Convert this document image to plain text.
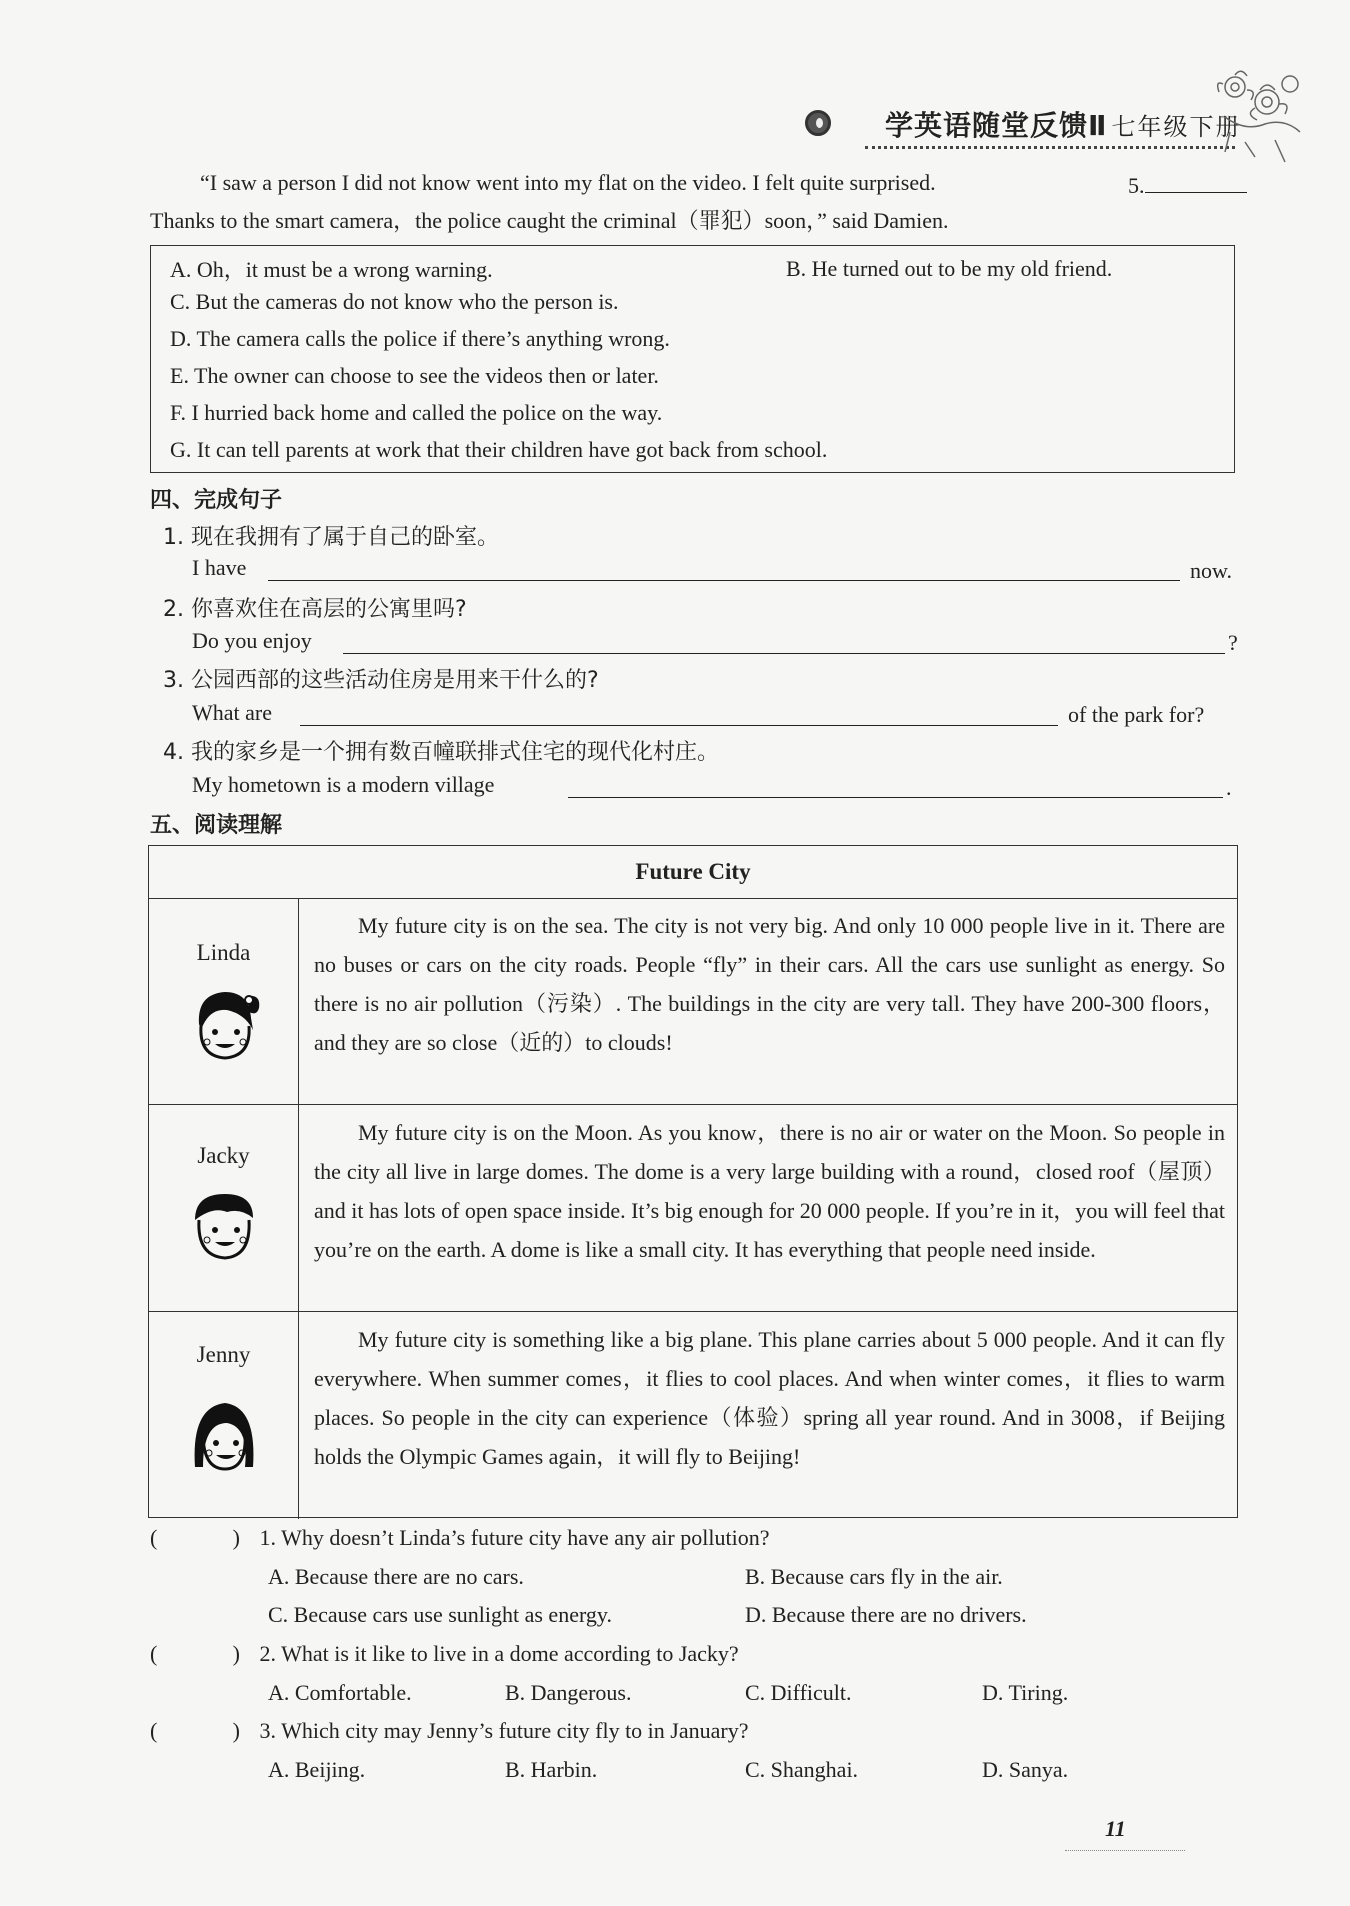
学英语随堂反馈Ⅱ 七年级下册
“I saw a person I did not know went into my flat on the video. I felt quite surprised.	5.
Thanks to the smart camera，the police caught the criminal（罪犯）soon，” said Damien.
A. Oh，it must be a wrong warning.	B. He turned out to be my old friend.
C. But the cameras do not know who the person is.
D. The camera calls the police if there’s anything wrong.
E. The owner can choose to see the videos then or later.
F. I hurried back home and called the police on the way.
G. It can tell parents at work that their children have got back from school.
四、完成句子
1. 现在我拥有了属于自己的卧室。
I have	now.
2. 你喜欢住在高层的公寓里吗?
Do you enjoy	?
3. 公园西部的这些活动住房是用来干什么的?
What are	of the park for?
4. 我的家乡是一个拥有数百幢联排式住宅的现代化村庄。
My hometown is a modern village	.
五、阅读理解
Future City
Linda
My future city is on the sea. The city is not very big. And only 10 000 people live in it. There are no buses or cars on the city roads. People “fly” in their cars. All the cars use sunlight as energy. So there is no air pollution（污染）. The buildings in the city are very tall. They have 200-300 floors，and they are so close（近的）to clouds!
Jacky
My future city is on the Moon. As you know，there is no air or water on the Moon. So people in the city all live in large domes. The dome is a very large building with a round，closed roof（屋顶）and it has lots of open space inside. It’s big enough for 20 000 people. If you’re in it，you will feel that you’re on the earth. A dome is like a small city. It has everything that people need inside.
Jenny
My future city is something like a big plane. This plane carries about 5 000 people. And it can fly everywhere. When summer comes，it flies to cool places. And when winter comes，it flies to warm places. So people in the city can experience（体验）spring all year round. And in 3008，if Beijing holds the Olympic Games again，it will fly to Beijing!
(	) 1. Why doesn’t Linda’s future city have any air pollution?
A. Because there are no cars.	B. Because cars fly in the air.
C. Because cars use sunlight as energy.	D. Because there are no drivers.
(	) 2. What is it like to live in a dome according to Jacky?
A. Comfortable.	B. Dangerous.	C. Difficult.	D. Tiring.
(	) 3. Which city may Jenny’s future city fly to in January?
A. Beijing.	B. Harbin.	C. Shanghai.	D. Sanya.
11
